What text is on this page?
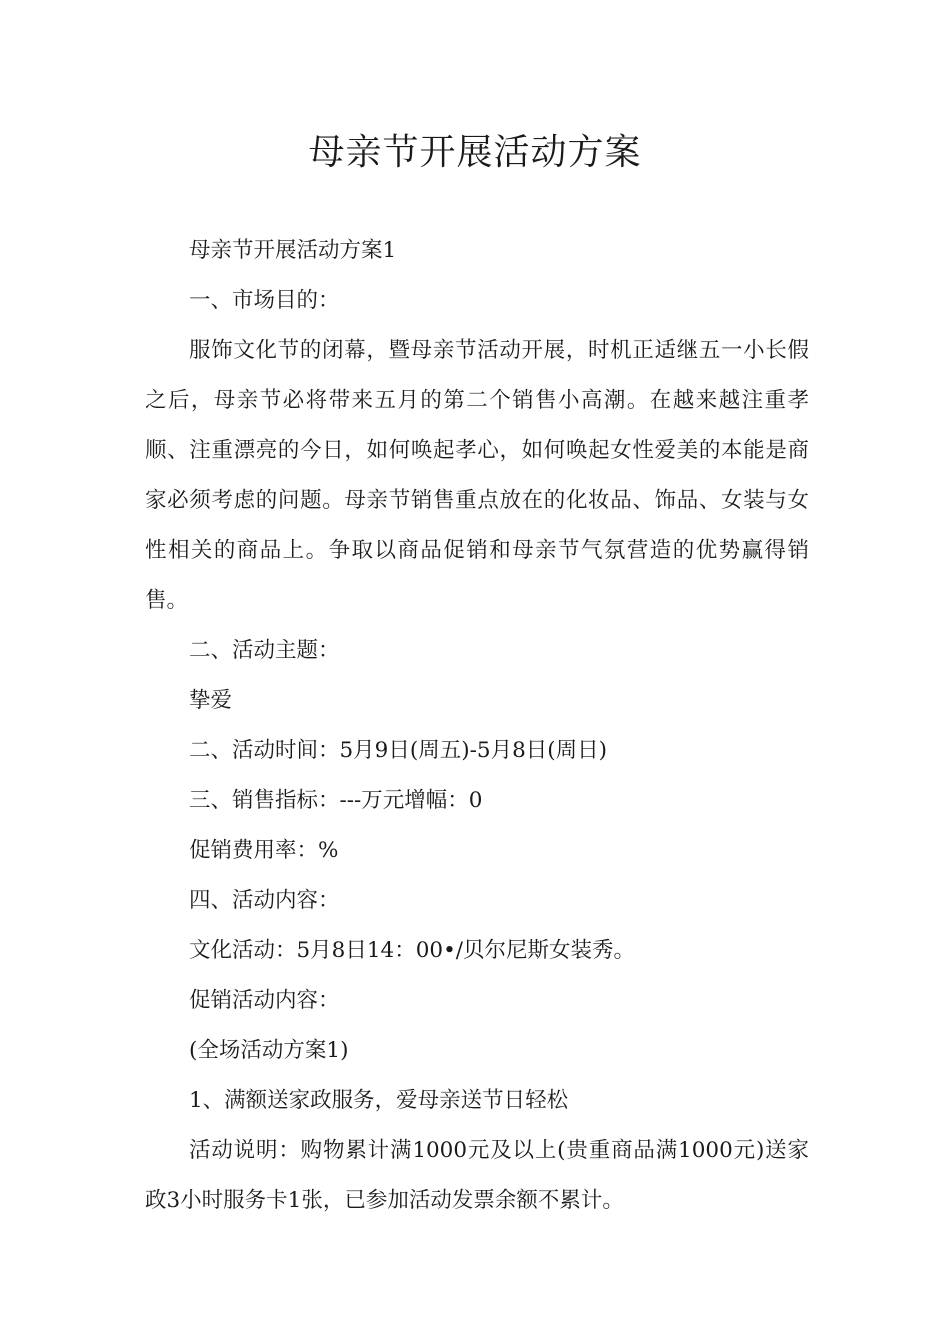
母亲节开展活动方案

母亲节开展活动方案1

一、市场目的：

服饰文化节的闭幕，暨母亲节活动开展，时机正适继五一小长假之后，母亲节必将带来五月的第二个销售小高潮。在越来越注重孝顺、注重漂亮的今日，如何唤起孝心，如何唤起女性爱美的本能是商家必须考虑的问题。母亲节销售重点放在的化妆品、饰品、女装与女性相关的商品上。争取以商品促销和母亲节气氛营造的优势赢得销售。

二、活动主题：

挚爱

二、活动时间：5月9日(周五)-5月8日(周日)

三、销售指标：---万元增幅：0

促销费用率：%

四、活动内容：

文化活动：5月8日14：00•/贝尔尼斯女装秀。

促销活动内容：

(全场活动方案1)

1、满额送家政服务，爱母亲送节日轻松

活动说明：购物累计满1000元及以上(贵重商品满1000元)送家政3小时服务卡1张，已参加活动发票余额不累计。
